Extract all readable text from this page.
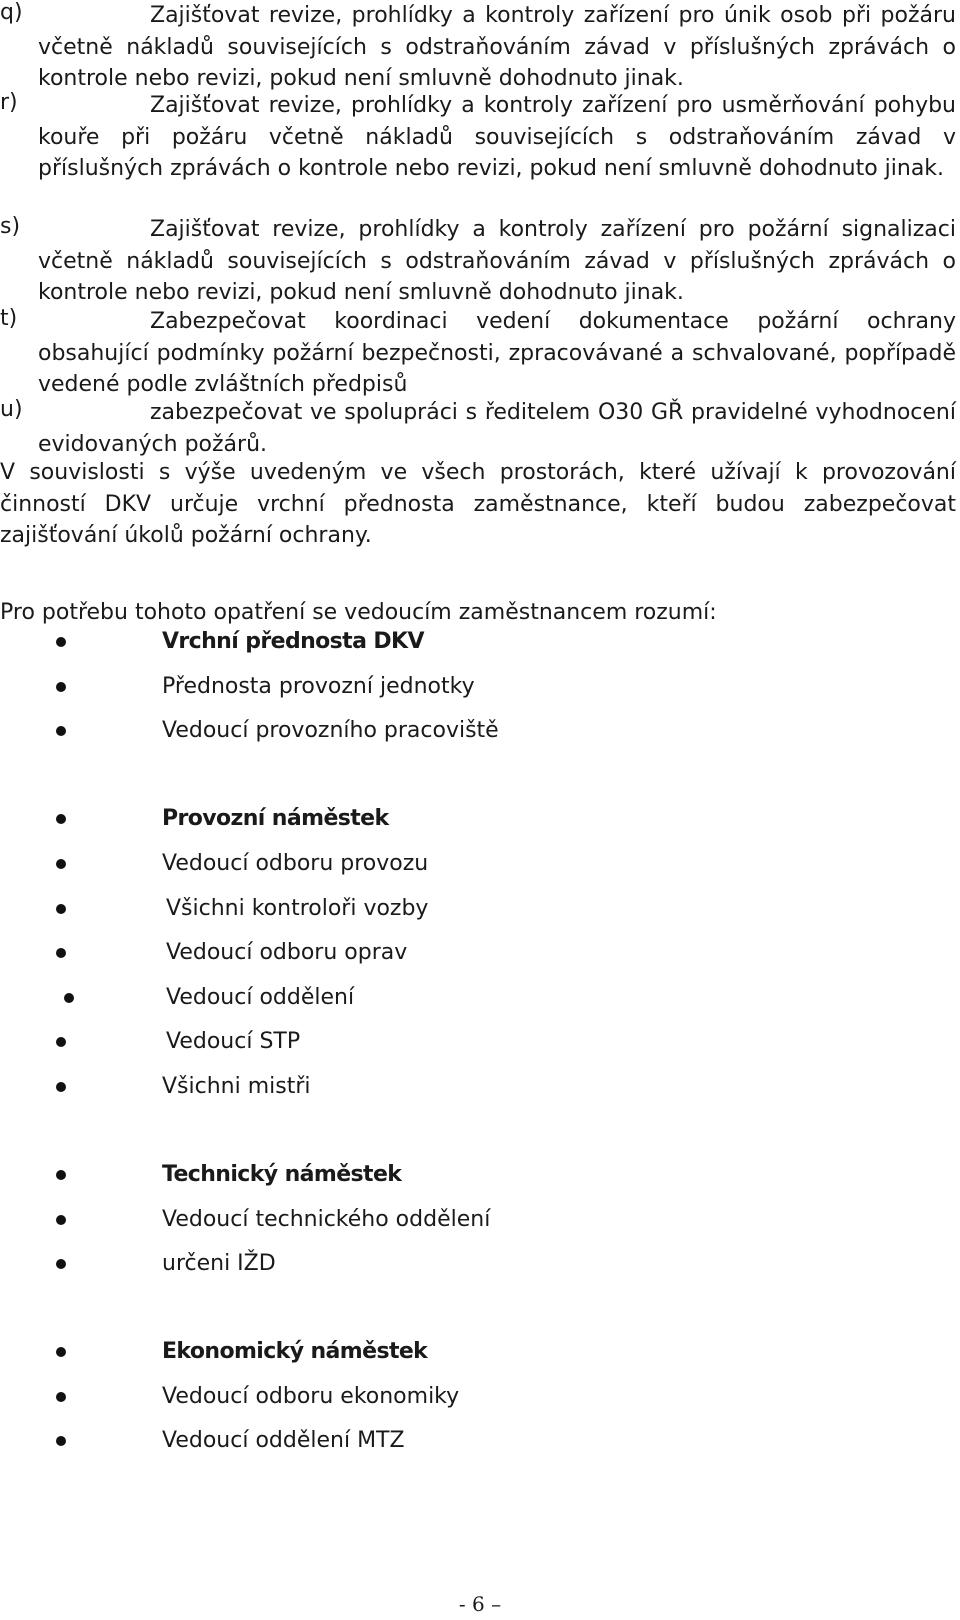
q)	Zajišťovat revize, prohlídky a kontroly zařízení pro únik osob při požáru včetně nákladů souvisejících s odstraňováním závad v příslušných zprávách o kontrole nebo revizi, pokud není smluvně dohodnuto jinak.
r)	Zajišťovat revize, prohlídky a kontroly zařízení pro usměrňování pohybu kouře při požáru včetně nákladů souvisejících s odstraňováním závad v příslušných zprávách o kontrole nebo revizi, pokud není smluvně dohodnuto jinak.
s)	Zajišťovat revize, prohlídky a kontroly zařízení pro požární signalizaci včetně nákladů souvisejících s odstraňováním závad v příslušných zprávách o kontrole nebo revizi, pokud není smluvně dohodnuto jinak.
t)	Zabezpečovat koordinaci vedení dokumentace požární ochrany obsahující podmínky požární bezpečnosti, zpracovávané a schvalované, popřípadě vedené podle zvláštních předpisů
u)	zabezpečovat ve spolupráci s ředitelem O30 GŘ pravidelné vyhodnocení evidovaných požárů.
V souvislosti s výše uvedeným ve všech prostorách, které užívají k provozování činností DKV určuje vrchní přednosta zaměstnance, kteří budou zabezpečovat zajišťování úkolů požární ochrany.
Pro potřebu tohoto opatření se vedoucím zaměstnancem rozumí:
Vrchní přednosta DKV
Přednosta provozní jednotky
Vedoucí provozního pracoviště
Provozní náměstek
Vedoucí odboru provozu
Všichni kontroloři vozby
Vedoucí odboru oprav
Vedoucí oddělení
Vedoucí STP
Všichni mistři
Technický náměstek
Vedoucí technického oddělení
určeni IŽD
Ekonomický náměstek
Vedoucí odboru ekonomiky
Vedoucí oddělení MTZ
- 6 –
